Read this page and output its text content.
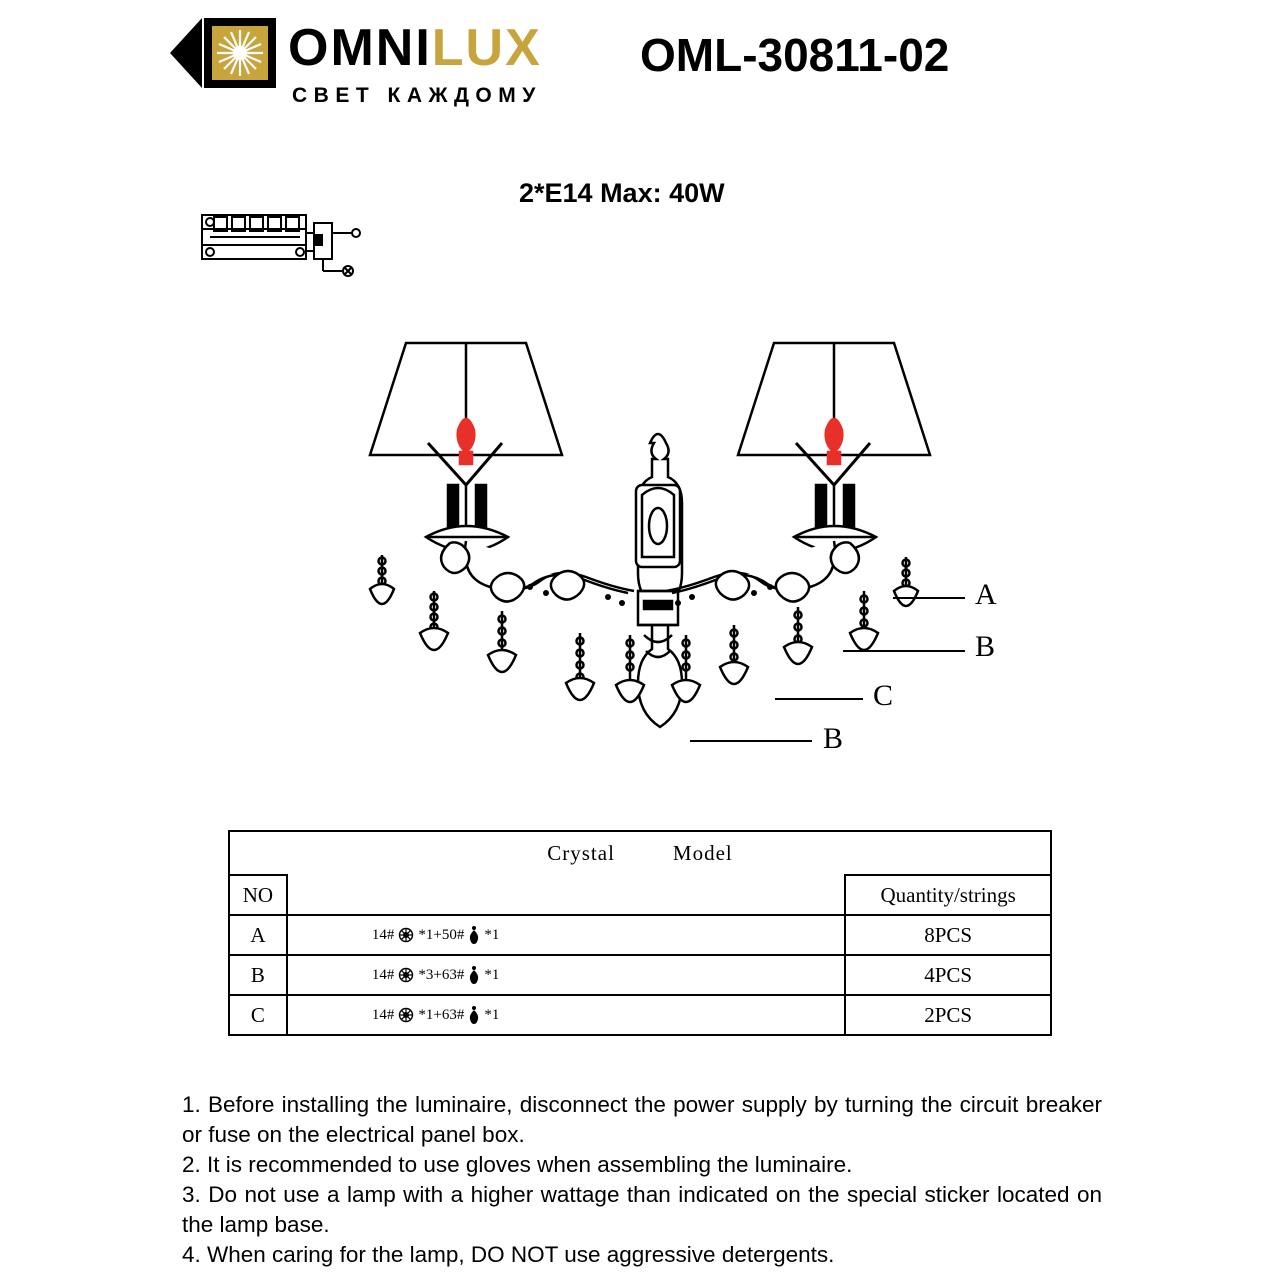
OMNILUX
СВЕТ КАЖДОМУ
OML-30811-02
2*E14 Max: 40W
A
B
C
B
Crystal Model		

NO		Quantity/strings
A	14# *1+50# *1	8PCS
B	14# *3+63# *1	4PCS
C	14# *1+63# *1	2PCS

1. Before installing the luminaire, disconnect the power supply by turning the circuit breaker or fuse on the electrical panel box.

2. It is recommended to use gloves when assembling the luminaire.

3. Do not use a lamp with a higher wattage than indicated on the special sticker located on the lamp base.

4. When caring for the lamp, DO NOT use aggressive detergents.
